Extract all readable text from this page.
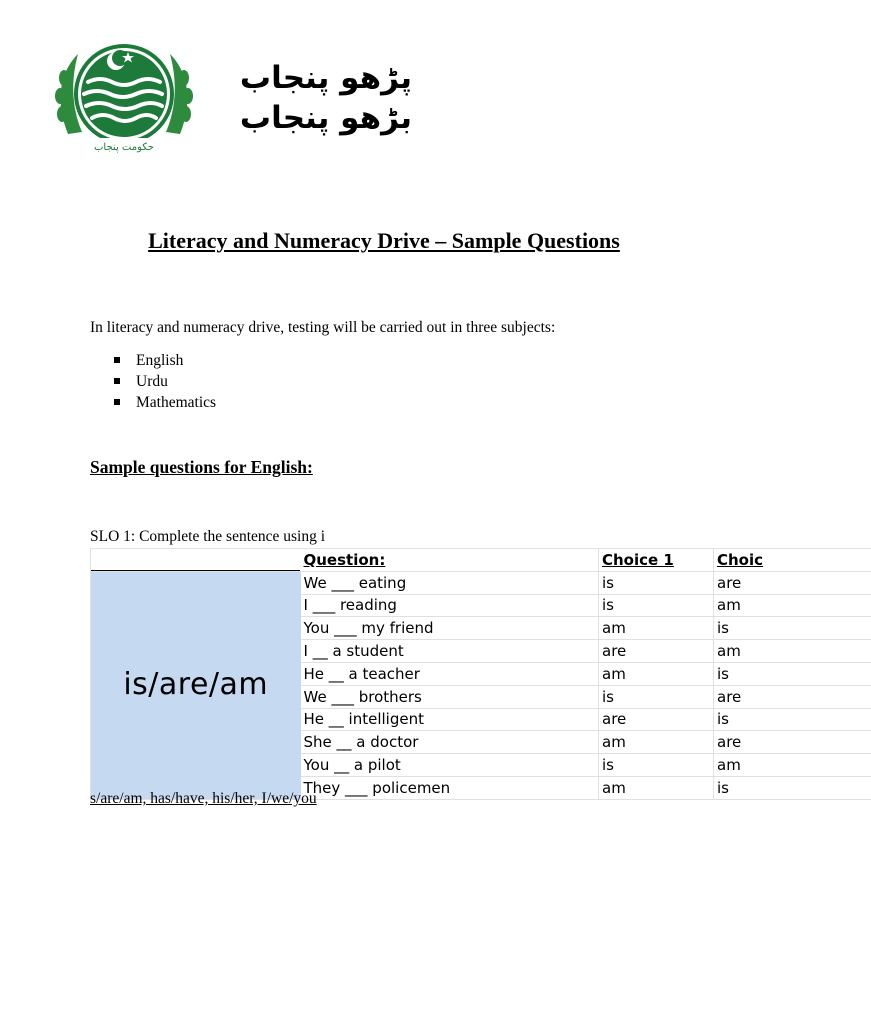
حکومت پنجاب
پڑھو پنجاب
بڑھو پنجاب
Literacy and Numeracy Drive – Sample Questions
In literacy and numeracy drive, testing will be carried out in three subjects:
English
Urdu
Mathematics
Sample questions for English:
SLO 1: Complete the sentence using i
	Question:	Choice 1	Choic
is/are/am	We ___ eating	is	are
	I ___ reading	is	am
	You ___ my friend	am	is
	I __ a student	are	am
	He __ a teacher	am	is
	We ___ brothers	is	are
	He __ intelligent	are	is
	She __ a doctor	am	are
	You __ a pilot	is	am
	They ___ policemen	am	is
s/are/am, has/have, his/her, I/we/you
